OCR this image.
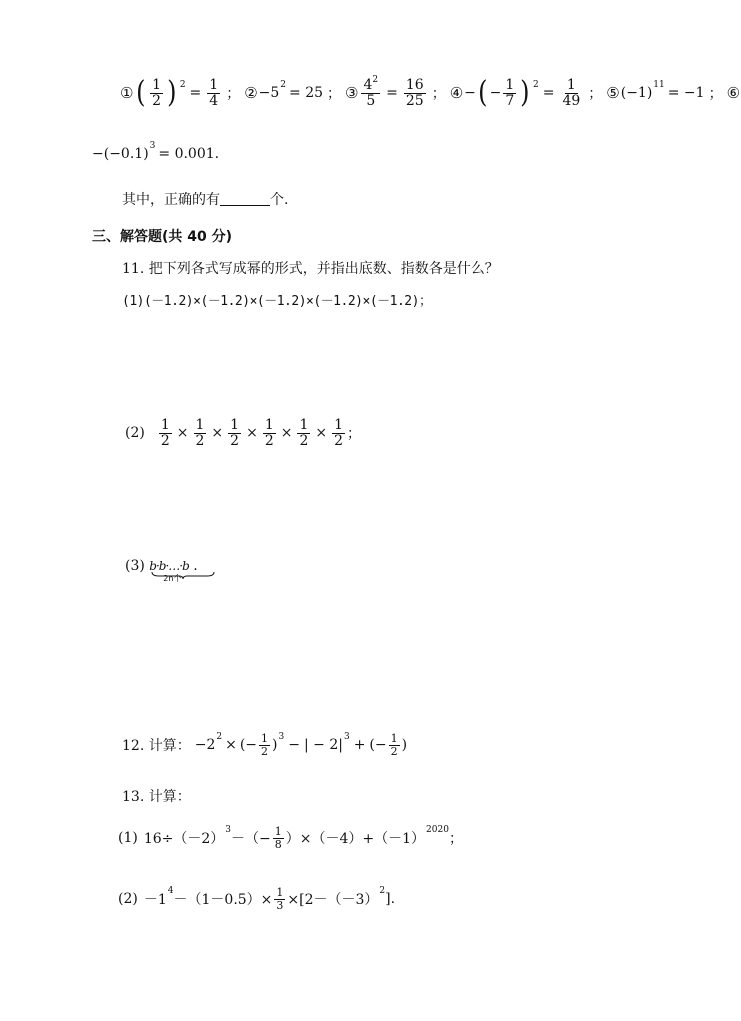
① ( $\frac{1}{2}$ ) $2 = \frac{1}{4}$ ； ② −5 2 = 25 ； ③ $\frac{4^2}{5} = \frac{16}{25}$ ； ④ − ( − $\frac{1}{7}$ ) $2 = \frac{1}{49}$ ； ⑤ (−1) 11 = −1 ； ⑥
− (−0.1) 3 = 0.001.
其中，正确的有	个.
三、解答题(共 40 分)
11. 把下列各式写成幂的形式，并指出底数、指数各是什么？
(1)(－1.2)×(－1.2)×(－1.2)×(－1.2)×(－1.2)；
$(2) \frac{1}{2} \times \frac{1}{2} \times \frac{1}{2} \times \frac{1}{2} \times \frac{1}{2} \times \frac{1}{2}$ ；
(3) b·b·…·b
2n个
.
12. 计算： −2 2 × (− $\frac{1}{2}$ ) 3 − | − 2| 3 + (− $\frac{1}{2}$ )
13. 计算：
(1) 16÷（－2）
3
－（− $\frac{1}{8} )\times(-4)+(-1)$
2020
；
(2) －1
4
$-(1-0.5)\times \frac{1}{3} \times[2-(-3)$
2 ].
